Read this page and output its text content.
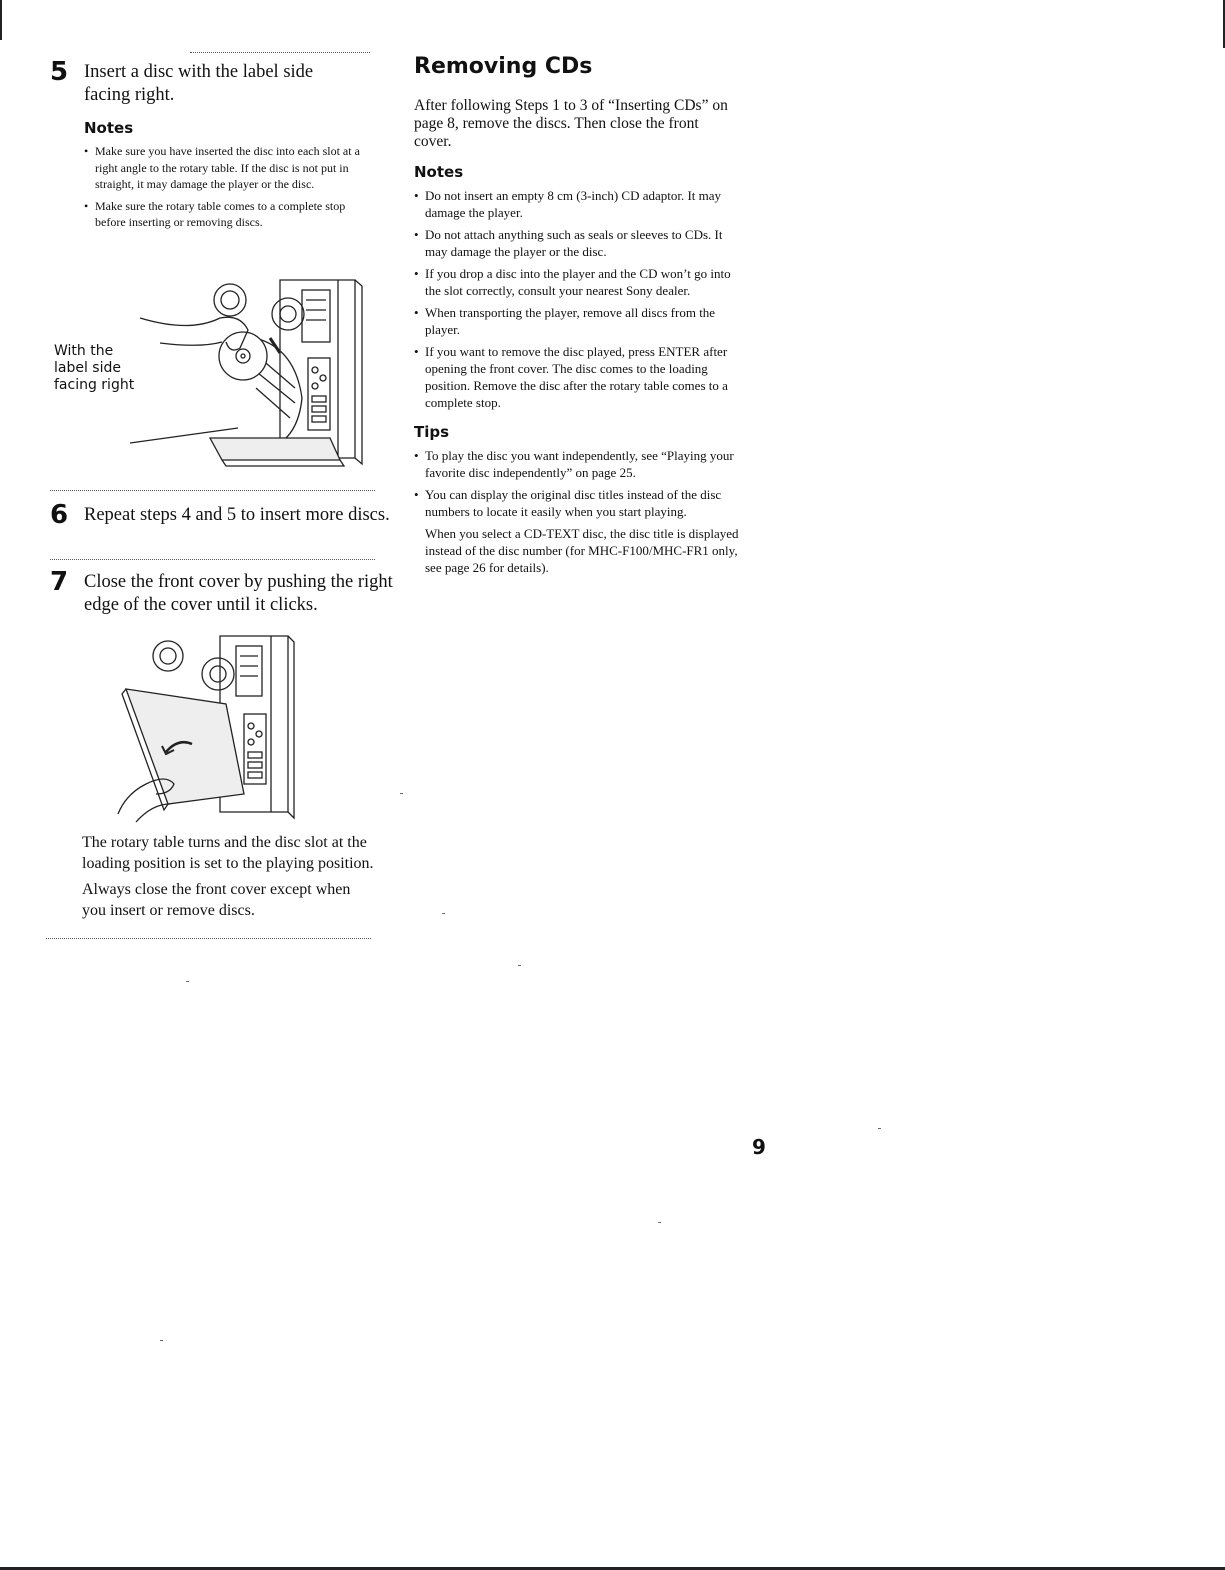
5 Insert a disc with the label side facing right.

Notes
• Make sure you have inserted the disc into each slot at a right angle to the rotary table. If the disc is not put in straight, it may damage the player or the disc.
• Make sure the rotary table comes to a complete stop before inserting or removing discs.
With the
label side
facing right
6 Repeat steps 4 and 5 to insert more discs.

7 Close the front cover by pushing the right edge of the cover until it clicks.

The rotary table turns and the disc slot at the loading position is set to the playing position.

Always close the front cover except when you insert or remove discs.

Removing CDs

After following Steps 1 to 3 of “Inserting CDs” on page 8, remove the discs. Then close the front cover.

Notes
• Do not insert an empty 8 cm (3-inch) CD adaptor. It may damage the player.
• Do not attach anything such as seals or sleeves to CDs. It may damage the player or the disc.
• If you drop a disc into the player and the CD won’t go into the slot correctly, consult your nearest Sony dealer.
• When transporting the player, remove all discs from the player.
• If you want to remove the disc played, press ENTER after opening the front cover. The disc comes to the loading position. Remove the disc after the rotary table comes to a complete stop.
Tips
• To play the disc you want independently, see “Playing your favorite disc independently” on page 25.
• You can display the original disc titles instead of the disc numbers to locate it easily when you start playing.

When you select a CD-TEXT disc, the disc title is displayed instead of the disc number (for MHC-F100/MHC-FR1 only, see page 26 for details).

9
